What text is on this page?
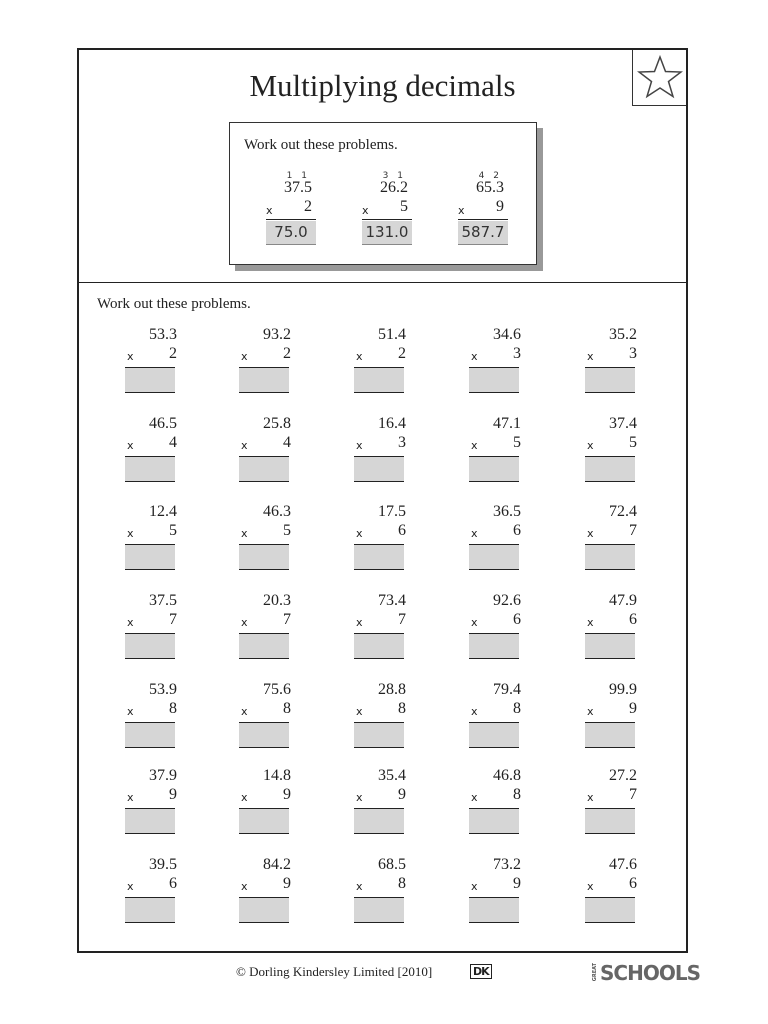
Multiplying decimals
Work out these problems.
1 1
37.5
x 2
75.0
3 1
26.2
x 5
131.0
4 2
65.3
x 9
587.7
Work out these problems.
53.3
x 2
93.2
x 2
51.4
x 2
34.6
x 3
35.2
x 3
46.5
x 4
25.8
x 4
16.4
x 3
47.1
x 5
37.4
x 5
12.4
x 5
46.3
x 5
17.5
x 6
36.5
x 6
72.4
x 7
37.5
x 7
20.3
x 7
73.4
x 7
92.6
x 6
47.9
x 6
53.9
x 8
75.6
x 8
28.8
x 8
79.4
x 8
99.9
x 9
37.9
x 9
14.8
x 9
35.4
x 9
46.8
x 8
27.2
x 7
39.5
x 6
84.2
x 9
68.5
x 8
73.2
x 9
47.6
x 6
© Dorling Kindersley Limited [2010]	DK	GREAT SCHOOLS
